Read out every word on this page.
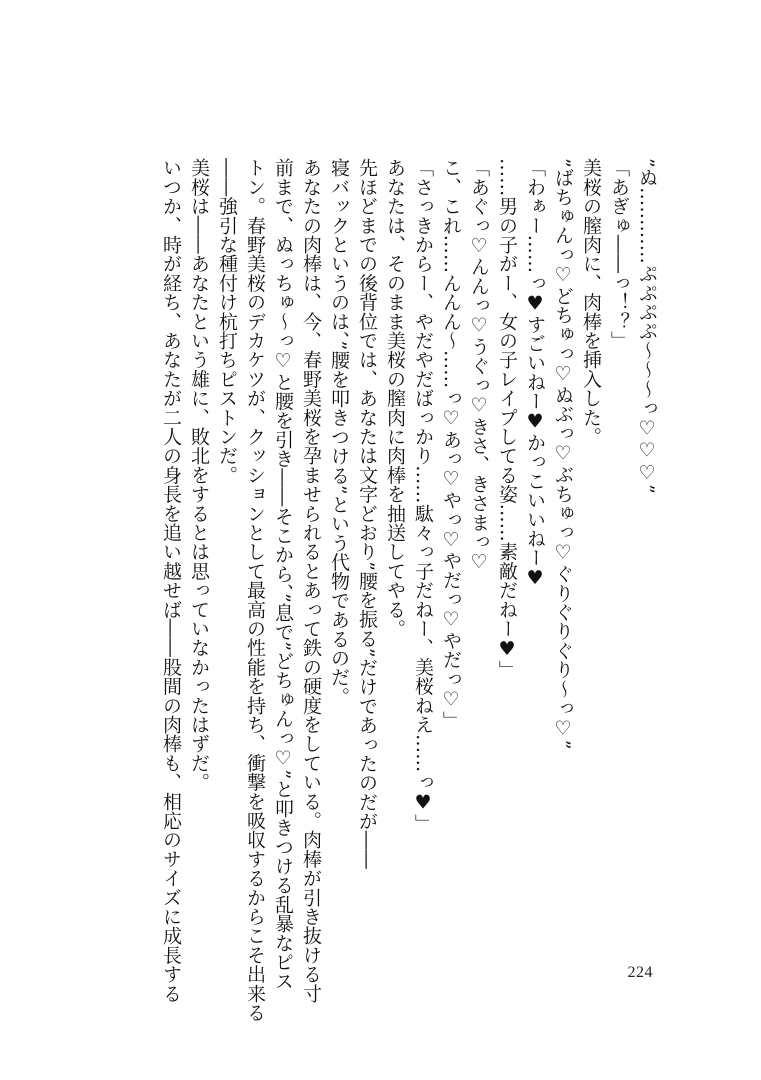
”ぬ…………ぷぷぷぷ〜〜〜っ♡♡♡”
「あぎゅ――っ！？」
美桜の膣肉に、肉棒を挿入した。
”ばちゅんっ♡どちゅっ♡ぬぶっ♡ぶちゅっ♡ぐりぐりぐり〜っ♡”
「わぁー……っ♥すごいねー♥かっこいいねー♥
……男の子がー、女の子レイプしてる姿……素敵だねー♥」
「あぐっ♡んんっ♡うぐっ♡きさ、きさまっ♡
こ、これ……んんん〜……っ♡あっ♡やっ♡やだっ♡やだっ♡」
「さっきからー、やだやだばっかり……駄々っ子だねー、美桜ねえ……っ♥」
あなたは、そのまま美桜の膣肉に肉棒を抽送してやる。
先ほどまでの後背位では、あなたは文字どおり”腰を振る”だけであったのだが――
寝バックというのは、”腰を叩きつける”という代物であるのだ。
あなたの肉棒は、今、春野美桜を孕ませられるとあって鉄の硬度をしている。肉棒が引き抜ける寸
前まで、ぬっちゅ〜っ♡と腰を引き――そこから、”息で”どちゅんっ♡”と叩きつける乱暴なピス
トン。春野美桜のデカケツが、クッションとして最高の性能を持ち、衝撃を吸収するからこそ出来る
――強引な種付け杭打ちピストンだ。
美桜は――あなたという雄に、敗北をするとは思っていなかったはずだ。
いつか、時が経ち、あなたが二人の身長を追い越せば――股間の肉棒も、相応のサイズに成長する	224
